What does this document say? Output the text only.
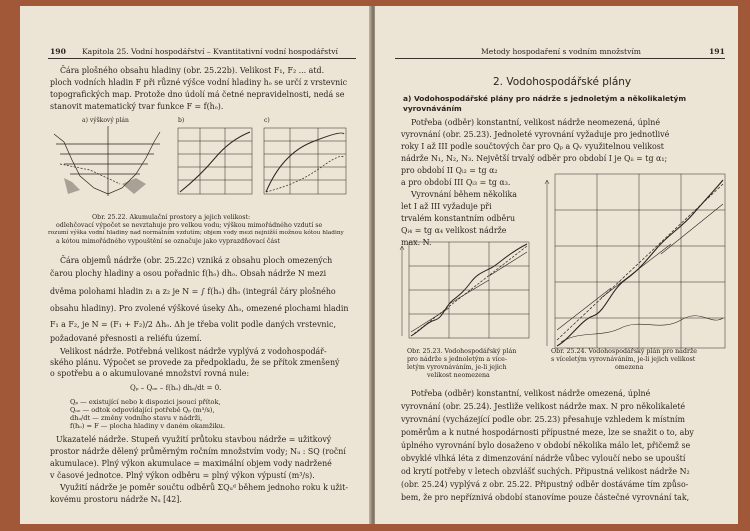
190 Kapitola 25. Vodní hospodářství – Kvantitativní vodní hospodářství
Čára plošného obsahu hladiny (obr. 25.22b). Velikost F₁, F₂ ... atd.
ploch vodních hladin F při různé výšce vodní hladiny hₒ se určí z vrstevnic
topografických map. Protože dno údolí má četné nepravidelnosti, nedá se
stanovit matematický tvar funkce F = f(hₒ).
a) výškový plán	b)	c)
Obr. 25.22. Akumulační prostory a jejich velikost:
odlehčovací výpočet se nevztahuje pro velkou vodu; výškou mimořádného vzdutí se
rozumí výška vodní hladiny nad normálním vzdutím; objem vody mezi nejnižší možnou kótou hladiny
a kótou mimořádného vypouštění se označuje jako vyprazdňovací část
Čára objemů nádrže (obr. 25.22c) vzniká z obsahu ploch omezených
čarou plochy hladiny a osou pořadnic f(hₒ) dhₒ. Obsah nádrže N mezi
dvěma polohami hladin z₁ a z₂ je N = ∫ f(hₒ) dhₒ (integrál čáry plošného
obsahu hladiny). Pro zvolené výškové úseky Δhₒ, omezené plochami hladin
F₁ a F₂, je N = (F₁ + F₂)/2 Δhₒ. Δh je třeba volit podle daných vrstevnic,
požadované přesnosti a reliéfu území.
Velikost nádrže. Potřebná velikost nádrže vyplývá z vodohospodář-
ského plánu. Výpočet se provede za předpokladu, že se přítok zmenšený
o spotřebu a o akumulované množství rovná nule:
Qₚ – Qₒₑ – f(hₒ) dhₒ/dt = 0.
Qₚ — existující nebo k dispozici jsoucí přítok,
Qₒₑ — odtok odpovídající potřebě Qₚ (m³/s),
dhₒ/dt — změny vodního stavu v nádrži,
f(hₒ) = F — plocha hladiny v daném okamžiku.
Ukazatelé nádrže. Stupeň využití průtoku stavbou nádrže = užitkový
prostor nádrže dělený průměrným ročním množstvím vody; Nᵤ : SQ (roční
akumulace). Plný výkon akumulace = maximální objem vody nadržené
v časové jednotce. Plný výkon odběru = plný výkon výpustí (m³/s).
Využití nádrže je poměr součtu odběrů ΣQᵤᵈ během jednoho roku k užit-
kovému prostoru nádrže Nᵤ [42].
Metody hospodaření s vodním množstvím	191
2. Vodohospodářské plány
a) Vodohospodářské plány pro nádrže s jednoletým a několikaletým
vyrovnáváním
Potřeba (odběr) konstantní, velikost nádrže neomezená, úplné
vyrovnání (obr. 25.23). Jednoleté vyrovnání vyžaduje pro jednotlivé
roky I až III podle součtových čar pro Qₚ a Qᵥ využitelnou velikost
nádrže N₁, N₂, N₃. Největší trvalý odběr pro období I je Qᵢᵢ = tg α₁;
pro období II Qᵢ₂ = tg α₂
a pro období III Qᵢ₃ = tg α₃.
Vyrovnání během několika
let I až III vyžaduje při
trvalém konstantním odběru
Qᵢ₄ = tg α₄ velikost nádrže
max. N.
Obr. 25.23. Vodohospodářský plán
pro nádrže s jednoletým a více-
letým vyrovnáváním, je-li jejich
velikost neomezena
Obr. 25.24. Vodohospodářský plán pro nádrže
s víceletým vyrovnáváním, je-li jejich velikost
omezena
Potřeba (odběr) konstantní, velikost nádrže omezená, úplné
vyrovnání (obr. 25.24). Jestliže velikost nádrže max. N pro několikaleté
vyrovnání (vycházející podle obr. 25.23) přesahuje vzhledem k místním
poměrům a k nutné hospodárnosti přípustné meze, lze se snažit o to, aby
úplného vyrovnání bylo dosaženo v období několika málo let, přičemž se
obvyklé vlhká léta z dimenzování nádrže vůbec vyloučí nebo se upouští
od krytí potřeby v letech obzvlášť suchých. Připustná velikost nádrže N₂
(obr. 25.24) vyplývá z obr. 25.22. Připustný odběr dostáváme tím způso-
bem, že pro nepříznivá období stanovíme pouze částečné vyrovnání tak,
